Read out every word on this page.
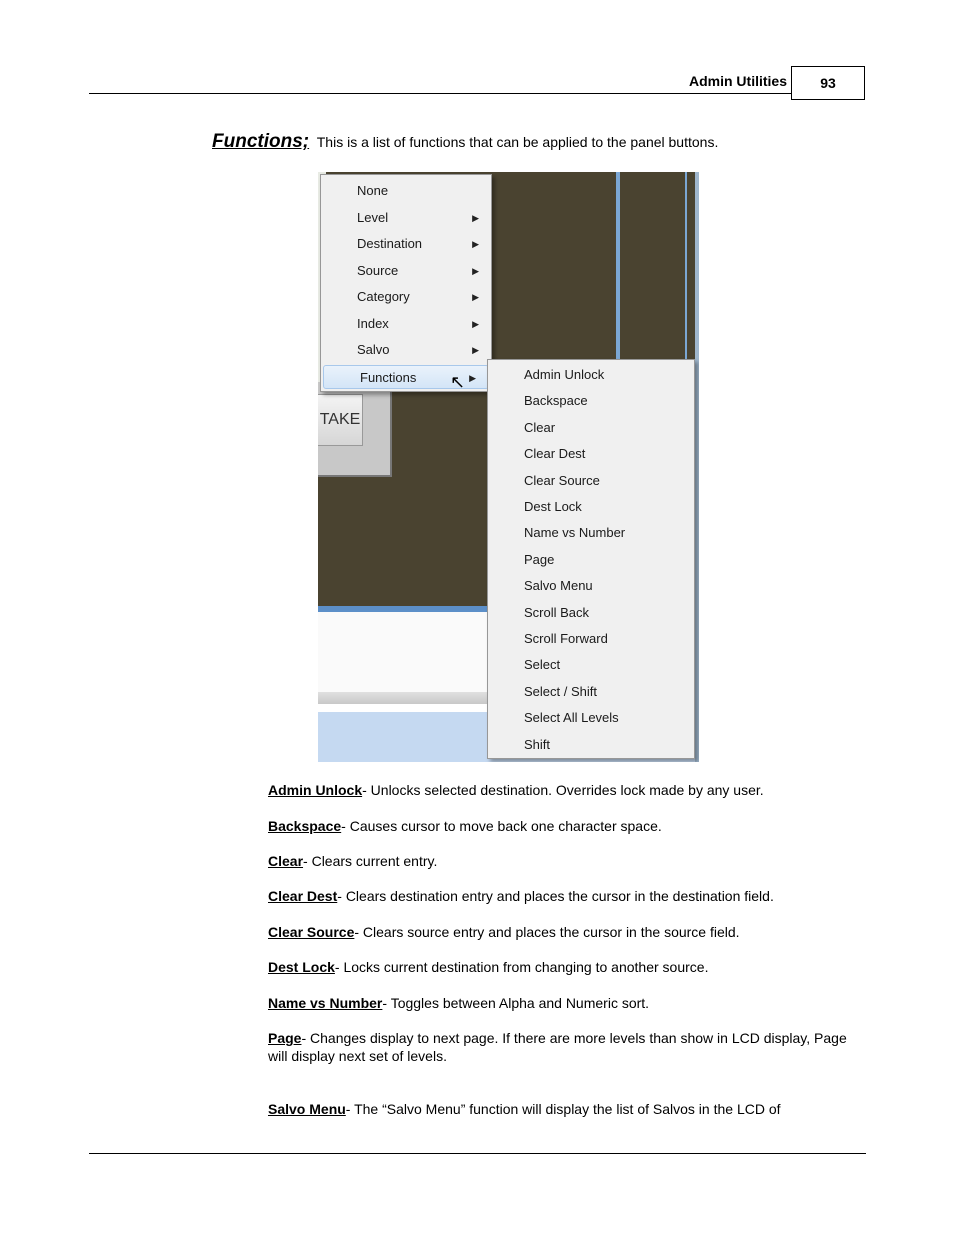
Admin Utilities	93
Functions; This is a list of functions that can be applied to the panel buttons.
TAKE
None
Level	▶
Destination	▶
Source	▶
Category	▶
Index	▶
Salvo	▶
Functions	▶	Admin Unlock
Backspace
Clear
Clear Dest
Clear Source
Dest Lock
Name vs Number
Page
Salvo Menu
Scroll Back
Scroll Forward
Select
Select / Shift
Select All Levels
Shift
↖
Admin Unlock- Unlocks selected destination. Overrides lock made by any user.
Backspace- Causes cursor to move back one character space.
Clear- Clears current entry.
Clear Dest- Clears destination entry and places the cursor in the destination field.
Clear Source- Clears source entry and places the cursor in the source field.
Dest Lock- Locks current destination from changing to another source.
Name vs Number- Toggles between Alpha and Numeric sort.
Page- Changes display to next page. If there are more levels than show in LCD display, Page will display next set of levels.
Salvo Menu- The “Salvo Menu” function will display the list of Salvos in the LCD of
